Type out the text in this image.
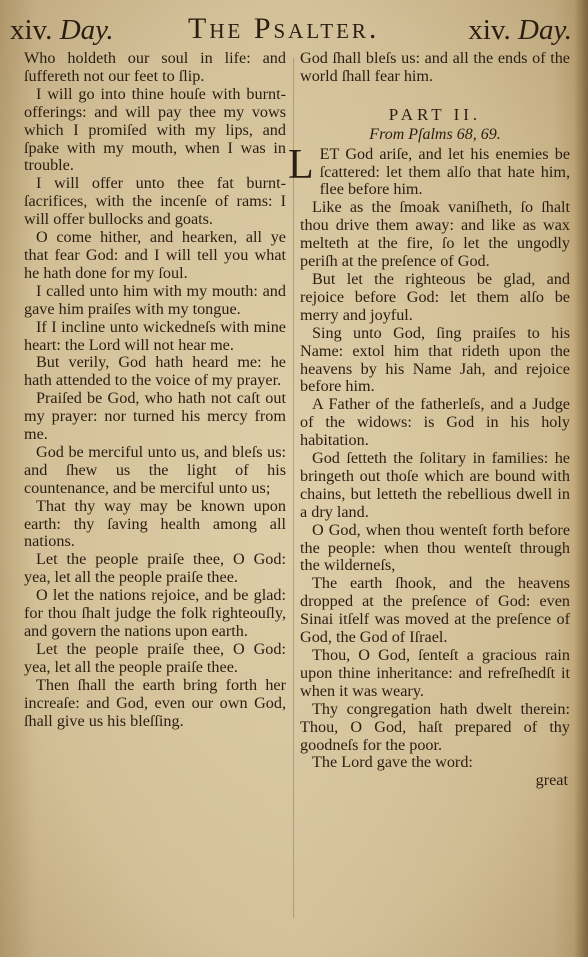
xiv. Day. The Psalter.	xiv. Day.

Who holdeth our soul in life: and ſuffereth not our feet to ſlip.

I will go into thine houſe with burnt-offerings: and will pay thee my vows which I promiſed with my lips, and ſpake with my mouth, when I was in trouble.

I will offer unto thee fat burnt-ſacrifices, with the incenſe of rams: I will offer bullocks and goats.

O come hither, and hearken, all ye that fear God: and I will tell you what he hath done for my ſoul.

I called unto him with my mouth: and gave him praiſes with my tongue.

If I incline unto wickedneſs with mine heart: the Lord will not hear me.

But verily, God hath heard me: he hath attended to the voice of my prayer.

Praiſed be God, who hath not caſt out my prayer: nor turned his mercy from me.

God be merciful unto us, and bleſs us: and ſhew us the light of his countenance, and be merciful unto us;

That thy way may be known upon earth: thy ſaving health among all nations.

Let the people praiſe thee, O God: yea, let all the people praiſe thee.

O let the nations rejoice, and be glad: for thou ſhalt judge the folk righteouſly, and govern the nations upon earth.

Let the people praiſe thee, O God: yea, let all the people praiſe thee.

Then ſhall the earth bring forth her increaſe: and God, even our own God, ſhall give us his bleſſing.

God ſhall bleſs us: and all the ends of the world ſhall fear him.

PART II.
From Pſalms 68, 69.

LET God ariſe, and let his enemies be ſcattered: let them alſo that hate him, flee before him.

Like as the ſmoak vaniſheth, ſo ſhalt thou drive them away: and like as wax melteth at the fire, ſo let the ungodly periſh at the preſence of God.

But let the righteous be glad, and rejoice before God: let them alſo be merry and joyful.

Sing unto God, ſing praiſes to his Name: extol him that rideth upon the heavens by his Name Jah, and rejoice before him.

A Father of the fatherleſs, and a Judge of the widows: is God in his holy habitation.

God ſetteth the ſolitary in families: he bringeth out thoſe which are bound with chains, but letteth the rebellious dwell in a dry land.

O God, when thou wenteſt forth before the people: when thou wenteſt through the wilderneſs,

The earth ſhook, and the heavens dropped at the preſence of God: even Sinai itſelf was moved at the preſence of God, the God of Iſrael.

Thou, O God, ſenteſt a gracious rain upon thine inheritance: and refreſhedſt it when it was weary.

Thy congregation hath dwelt therein: Thou, O God, haſt prepared of thy goodneſs for the poor.

The Lord gave the word:

great
